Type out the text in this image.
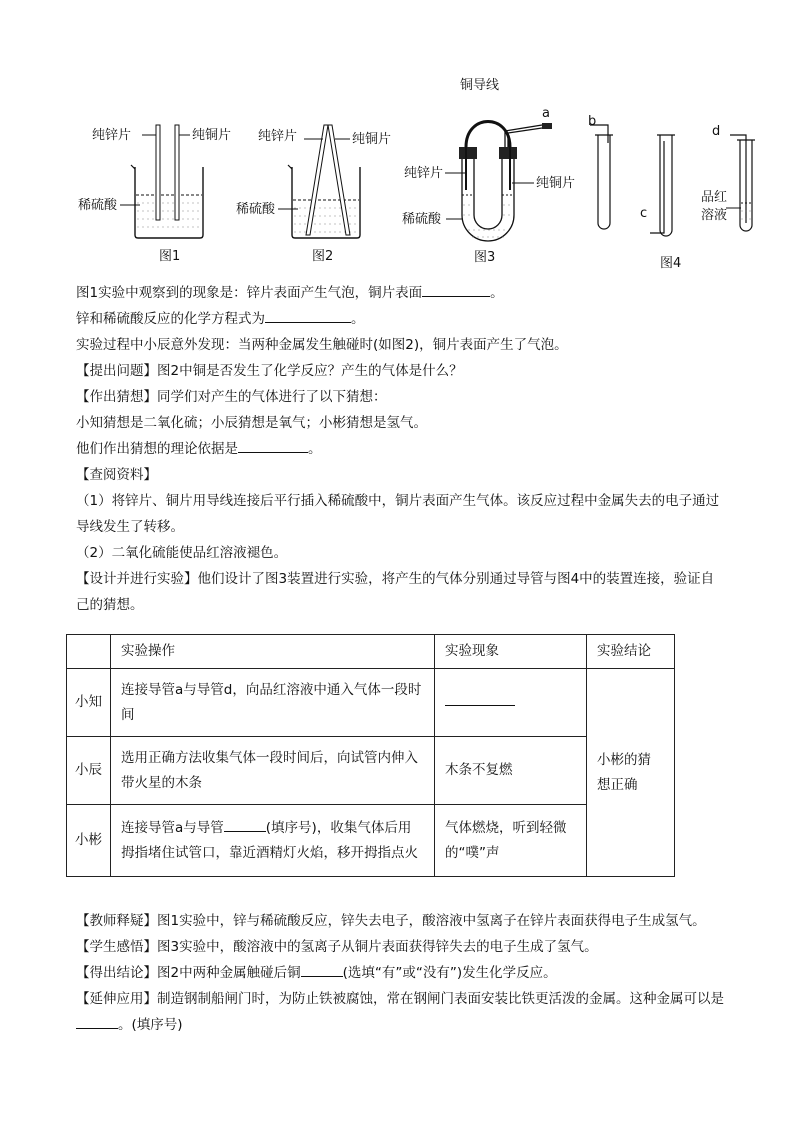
纯锌片	纯铜片
稀硫酸
图1
纯锌片	纯铜片
稀硫酸
图2
铜导线
a
纯锌片
纯铜片
稀硫酸
图3
b
c
d
品红
溶液
图4
图1实验中观察到的现象是：锌片表面产生气泡，铜片表面	。
锌和稀硫酸反应的化学方程式为	。
实验过程中小辰意外发现：当两种金属发生触碰时(如图2)，铜片表面产生了气泡。
【提出问题】图2中铜是否发生了化学反应？产生的气体是什么？
【作出猜想】同学们对产生的气体进行了以下猜想：
小知猜想是二氧化硫；小辰猜想是氧气；小彬猜想是氢气。
他们作出猜想的理论依据是	。
【查阅资料】
（1）将锌片、铜片用导线连接后平行插入稀硫酸中，铜片表面产生气体。该反应过程中金属失去的电子通过导线发生了转移。
（2）二氧化硫能使品红溶液褪色。
【设计并进行实验】他们设计了图3装置进行实验，将产生的气体分别通过导管与图4中的装置连接，验证自己的猜想。
	实验操作	实验现象	实验结论
小知	连接导管a与导管d，向品红溶液中通入气体一段时间		小彬的猜想正确
小辰	选用正确方法收集气体一段时间后，向试管内伸入带火星的木条	木条不复燃	
小彬	连接导管a与导管 (填序号)，收集气体后用拇指堵住试管口，靠近酒精灯火焰，移开拇指点火	气体燃烧，听到轻微的“噗”声	
【教师释疑】图1实验中，锌与稀硫酸反应，锌失去电子，酸溶液中氢离子在锌片表面获得电子生成氢气。
【学生感悟】图3实验中，酸溶液中的氢离子从铜片表面获得锌失去的电子生成了氢气。
【得出结论】图2中两种金属触碰后铜	(选填“有”或“没有”)发生化学反应。
【延伸应用】制造钢制船闸门时，为防止铁被腐蚀，常在钢闸门表面安装比铁更活泼的金属。这种金属可以是。(填序号)
